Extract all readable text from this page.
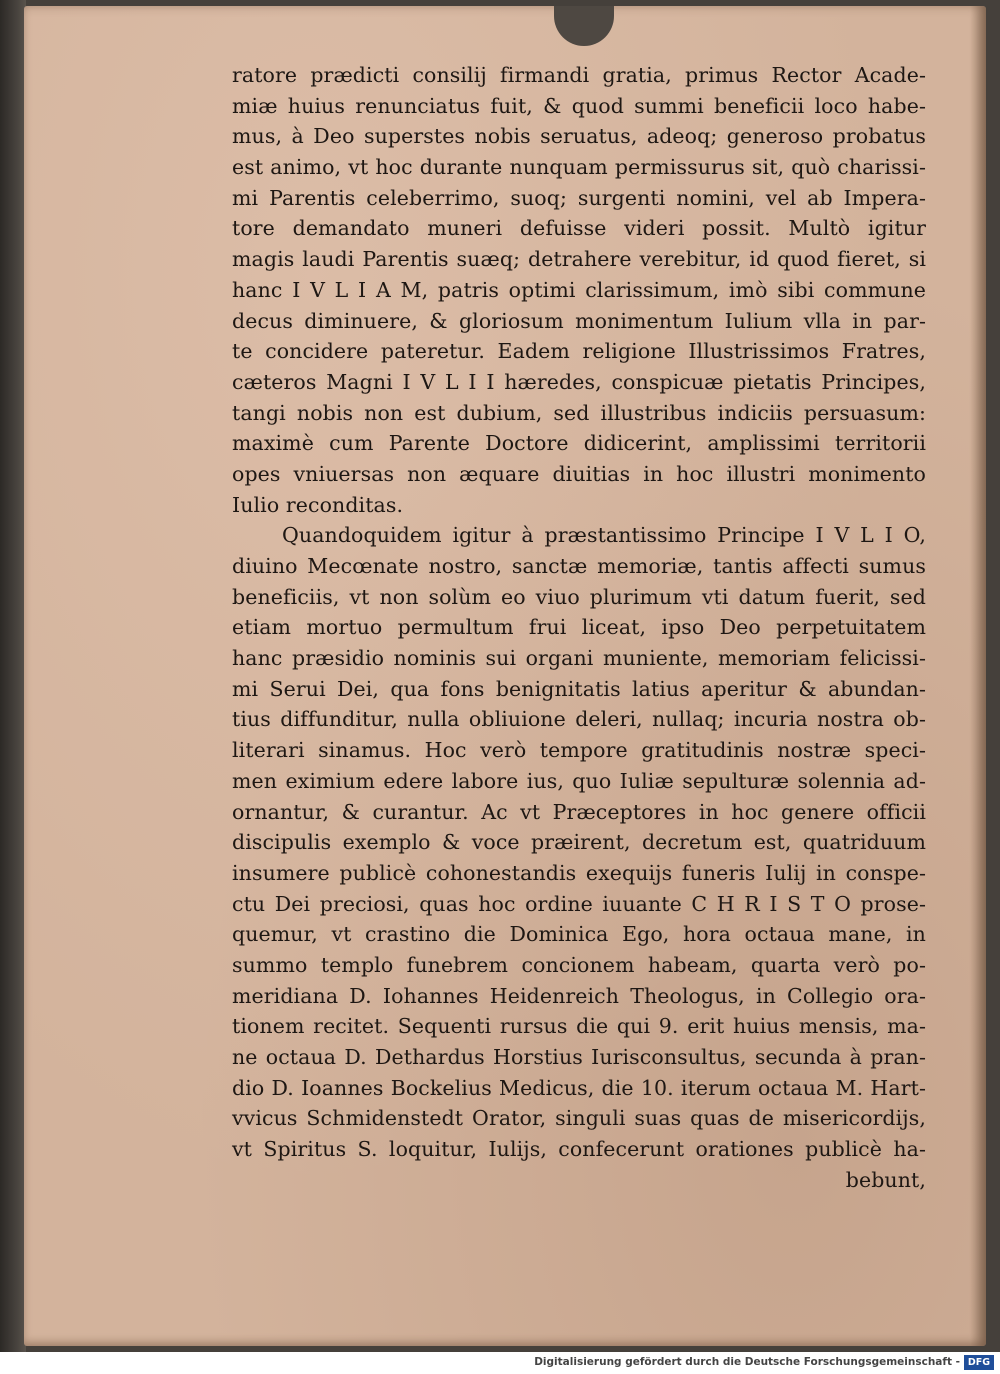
ratore prædicti consilij firmandi gratia, primus Rector Acade-
miæ huius renunciatus fuit, & quod summi beneficii loco habe-
mus, à Deo superstes nobis seruatus, adeoq; generoso probatus
est animo, vt hoc durante nunquam permissurus sit, quò charissi-
mi Parentis celeberrimo, suoq; surgenti nomini, vel ab Impera-
tore demandato muneri defuisse videri possit. Multò igitur
magis laudi Parentis suæq; detrahere verebitur, id quod fieret, si
hanc I V L I A M, patris optimi clarissimum, imò sibi commune
decus diminuere, & gloriosum monimentum Iulium vlla in par-
te concidere pateretur. Eadem religione Illustrissimos Fratres,
cæteros Magni I V L I I hæredes, conspicuæ pietatis Principes,
tangi nobis non est dubium, sed illustribus indiciis persuasum:
maximè cum Parente Doctore didicerint, amplissimi territorii
opes vniuersas non æquare diuitias in hoc illustri monimento
Iulio reconditas.
Quandoquidem igitur à præstantissimo Principe I V L I O,
diuino Mecœnate nostro, sanctæ memoriæ, tantis affecti sumus
beneficiis, vt non solùm eo viuo plurimum vti datum fuerit, sed
etiam mortuo permultum frui liceat, ipso Deo perpetuitatem
hanc præsidio nominis sui organi muniente, memoriam felicissi-
mi Serui Dei, qua fons benignitatis latius aperitur & abundan-
tius diffunditur, nulla obliuione deleri, nullaq; incuria nostra ob-
literari sinamus. Hoc verò tempore gratitudinis nostræ speci-
men eximium edere labore ius, quo Iuliæ sepulturæ solennia ad-
ornantur, & curantur. Ac vt Præceptores in hoc genere officii
discipulis exemplo & voce præirent, decretum est, quatriduum
insumere publicè cohonestandis exequijs funeris Iulij in conspe-
ctu Dei preciosi, quas hoc ordine iuuante C H R I S T O prose-
quemur, vt crastino die Dominica Ego, hora octaua mane, in
summo templo funebrem concionem habeam, quarta verò po-
meridiana D. Iohannes Heidenreich Theologus, in Collegio ora-
tionem recitet. Sequenti rursus die qui 9. erit huius mensis, ma-
ne octaua D. Dethardus Horstius Iurisconsultus, secunda à pran-
dio D. Ioannes Bockelius Medicus, die 10. iterum octaua M. Hart-
vvicus Schmidenstedt Orator, singuli suas quas de misericordijs,
vt Spiritus S. loquitur, Iulijs, confecerunt orationes publicè ha-
bebunt,
Digitalisierung gefördert durch die Deutsche Forschungsgemeinschaft - DFG
